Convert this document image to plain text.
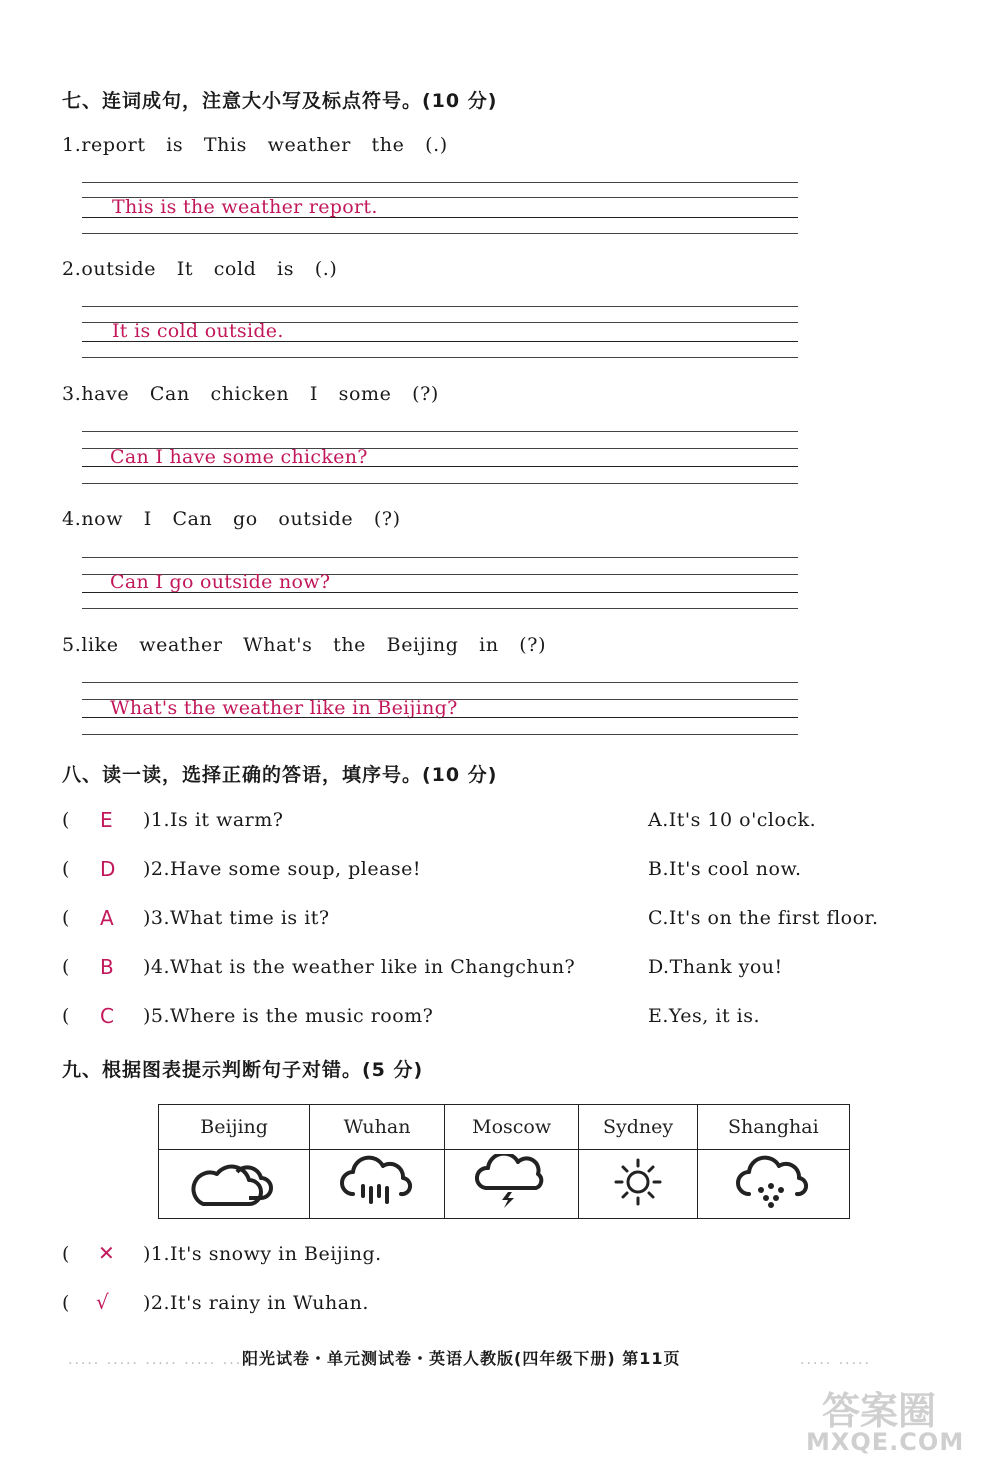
七、连词成句，注意大小写及标点符号。(10 分)
1.report is This weather the (.)
This is the weather report.
2.outside It cold is (.)
It is cold outside.
3.have Can chicken I some (?)
Can I have some chicken?
4.now I Can go outside (?)
Can I go outside now?
5.like weather What's the Beijing in (?)
What's the weather like in Beijing?
八、读一读，选择正确的答语，填序号。(10 分)
( E )1.Is it warm?	A.It's 10 o'clock.
( D )2.Have some soup, please!	B.It's cool now.
( A )3.What time is it?	C.It's on the first floor.
( B )4.What is the weather like in Changchun?	D.Thank you!
( C )5.Where is the music room?	E.Yes, it is.
九、根据图表提示判断句子对错。(5 分)
Beijing	Wuhan	Moscow	Sydney	Shanghai

( ✕ )1.It's snowy in Beijing.
( √ )2.It's rainy in Wuhan.
..... ..... ..... ..... .....
阳光试卷・单元测试卷・英语人教版(四年级下册) 第11页	..... .....
答案圈
MXQE.COM
